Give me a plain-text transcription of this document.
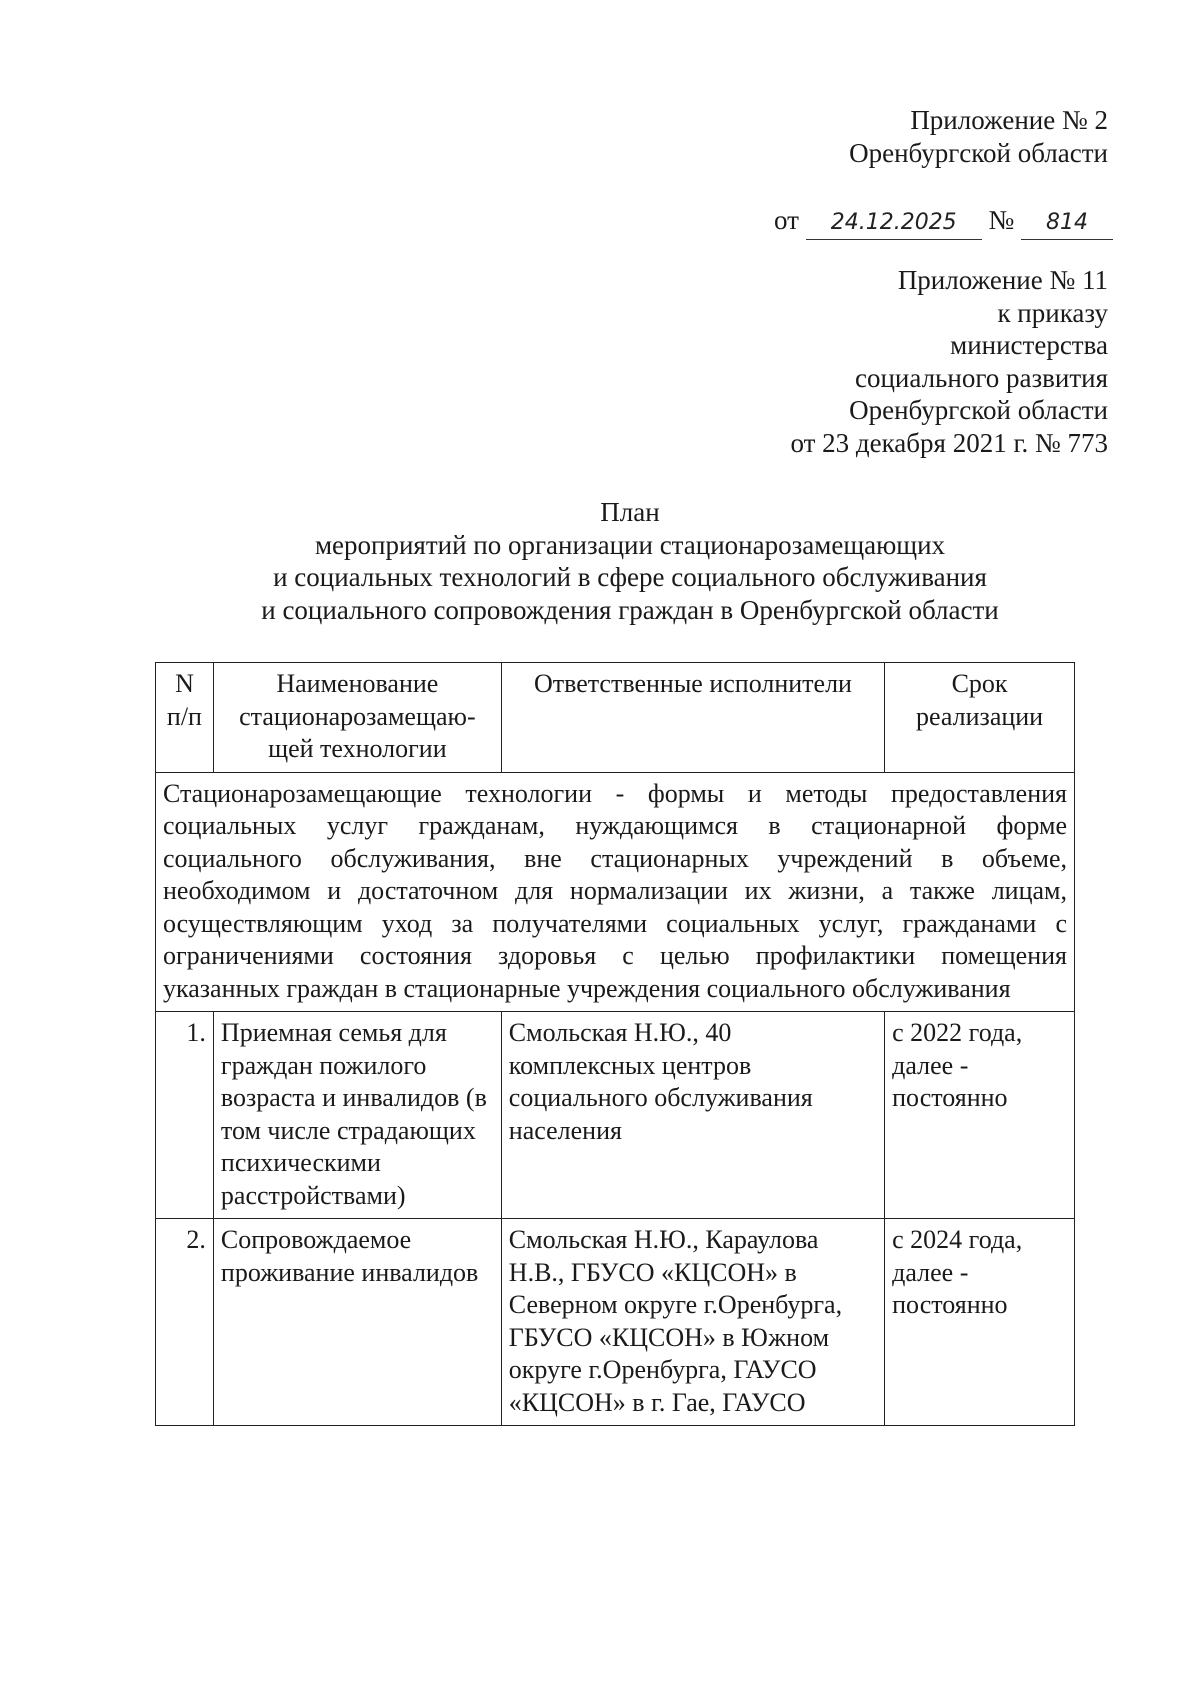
Приложение № 2
Оренбургской области
от 24.12.2025 № 814
Приложение № 11
к приказу
министерства
социального развития
Оренбургской области
от 23 декабря 2021 г. № 773
План
мероприятий по организации стационарозамещающих
и социальных технологий в сфере социального обслуживания
и социального сопровождения граждан в Оренбургской области
N п/п	Наименование стационарозамещаю-щей технологии	Ответственные исполнители	Срок реализации
Стационарозамещающие технологии - формы и методы предоставления социальных услуг гражданам, нуждающимся в стационарной форме социального обслуживания, вне стационарных учреждений в объеме, необходимом и достаточном для нормализации их жизни, а также лицам, осуществляющим уход за получателями социальных услуг, гражданами с ограничениями состояния здоровья с целью профилактики помещения указанных граждан в стационарные учреждения социального обслуживания			
1.	Приемная семья для граждан пожилого возраста и инвалидов (в том числе страдающих психическими расстройствами)	Смольская Н.Ю., 40 комплексных центров социального обслуживания населения	с 2022 года, далее - постоянно
2.	Сопровождаемое проживание инвалидов	Смольская Н.Ю., Караулова Н.В., ГБУСО «КЦСОН» в Северном округе г.Оренбурга, ГБУСО «КЦСОН» в Южном округе г.Оренбурга, ГАУСО «КЦСОН» в г. Гае, ГАУСО	с 2024 года, далее - постоянно
